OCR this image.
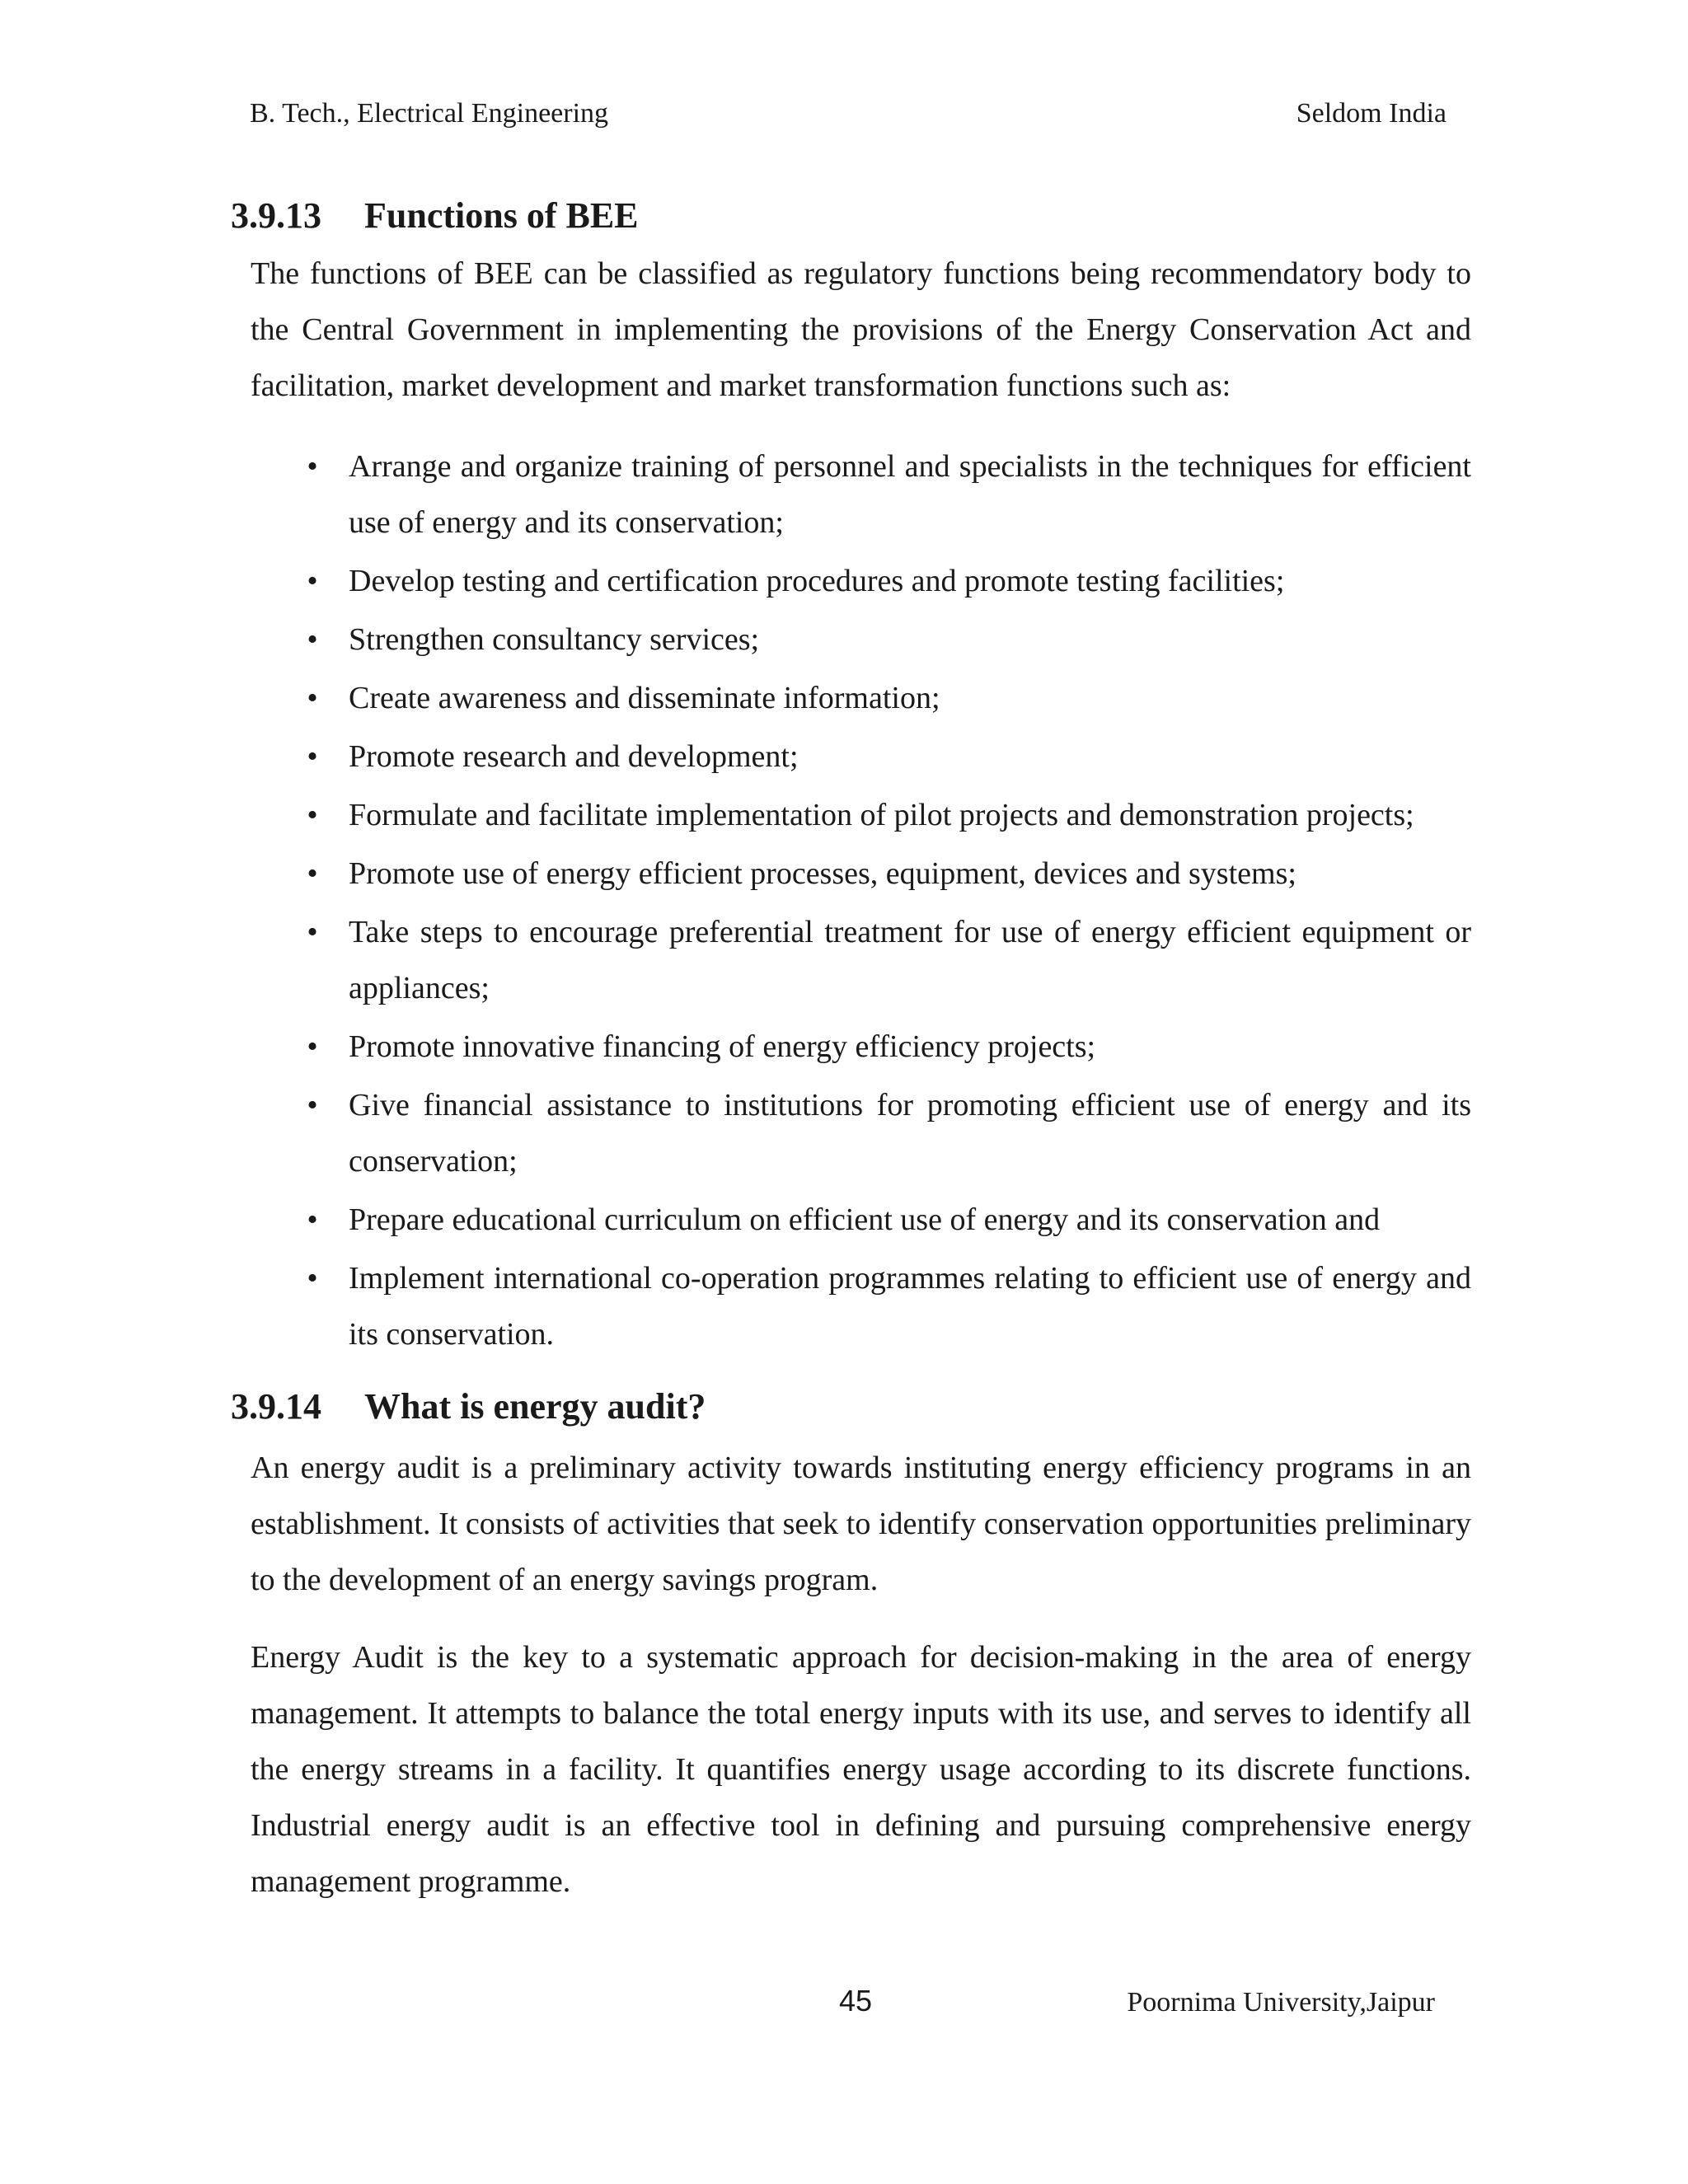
B. Tech., Electrical Engineering	Seldom India
3.9.13 Functions of BEE

The functions of BEE can be classified as regulatory functions being recommendatory body to the Central Government in implementing the provisions of the Energy Conservation Act and facilitation, market development and market transformation functions such as:

• Arrange and organize training of personnel and specialists in the techniques for efficient use of energy and its conservation;
• Develop testing and certification procedures and promote testing facilities;
• Strengthen consultancy services;
• Create awareness and disseminate information;
• Promote research and development;
• Formulate and facilitate implementation of pilot projects and demonstration projects;
• Promote use of energy efficient processes, equipment, devices and systems;
• Take steps to encourage preferential treatment for use of energy efficient equipment or appliances;
• Promote innovative financing of energy efficiency projects;
• Give financial assistance to institutions for promoting efficient use of energy and its conservation;
• Prepare educational curriculum on efficient use of energy and its conservation and
• Implement international co-operation programmes relating to efficient use of energy and its conservation.
3.9.14 What is energy audit?

An energy audit is a preliminary activity towards instituting energy efficiency programs in an establishment. It consists of activities that seek to identify conservation opportunities preliminary to the development of an energy savings program.

Energy Audit is the key to a systematic approach for decision-making in the area of energy management. It attempts to balance the total energy inputs with its use, and serves to identify all the energy streams in a facility. It quantifies energy usage according to its discrete functions. Industrial energy audit is an effective tool in defining and pursuing comprehensive energy management programme.

45	Poornima University,Jaipur
